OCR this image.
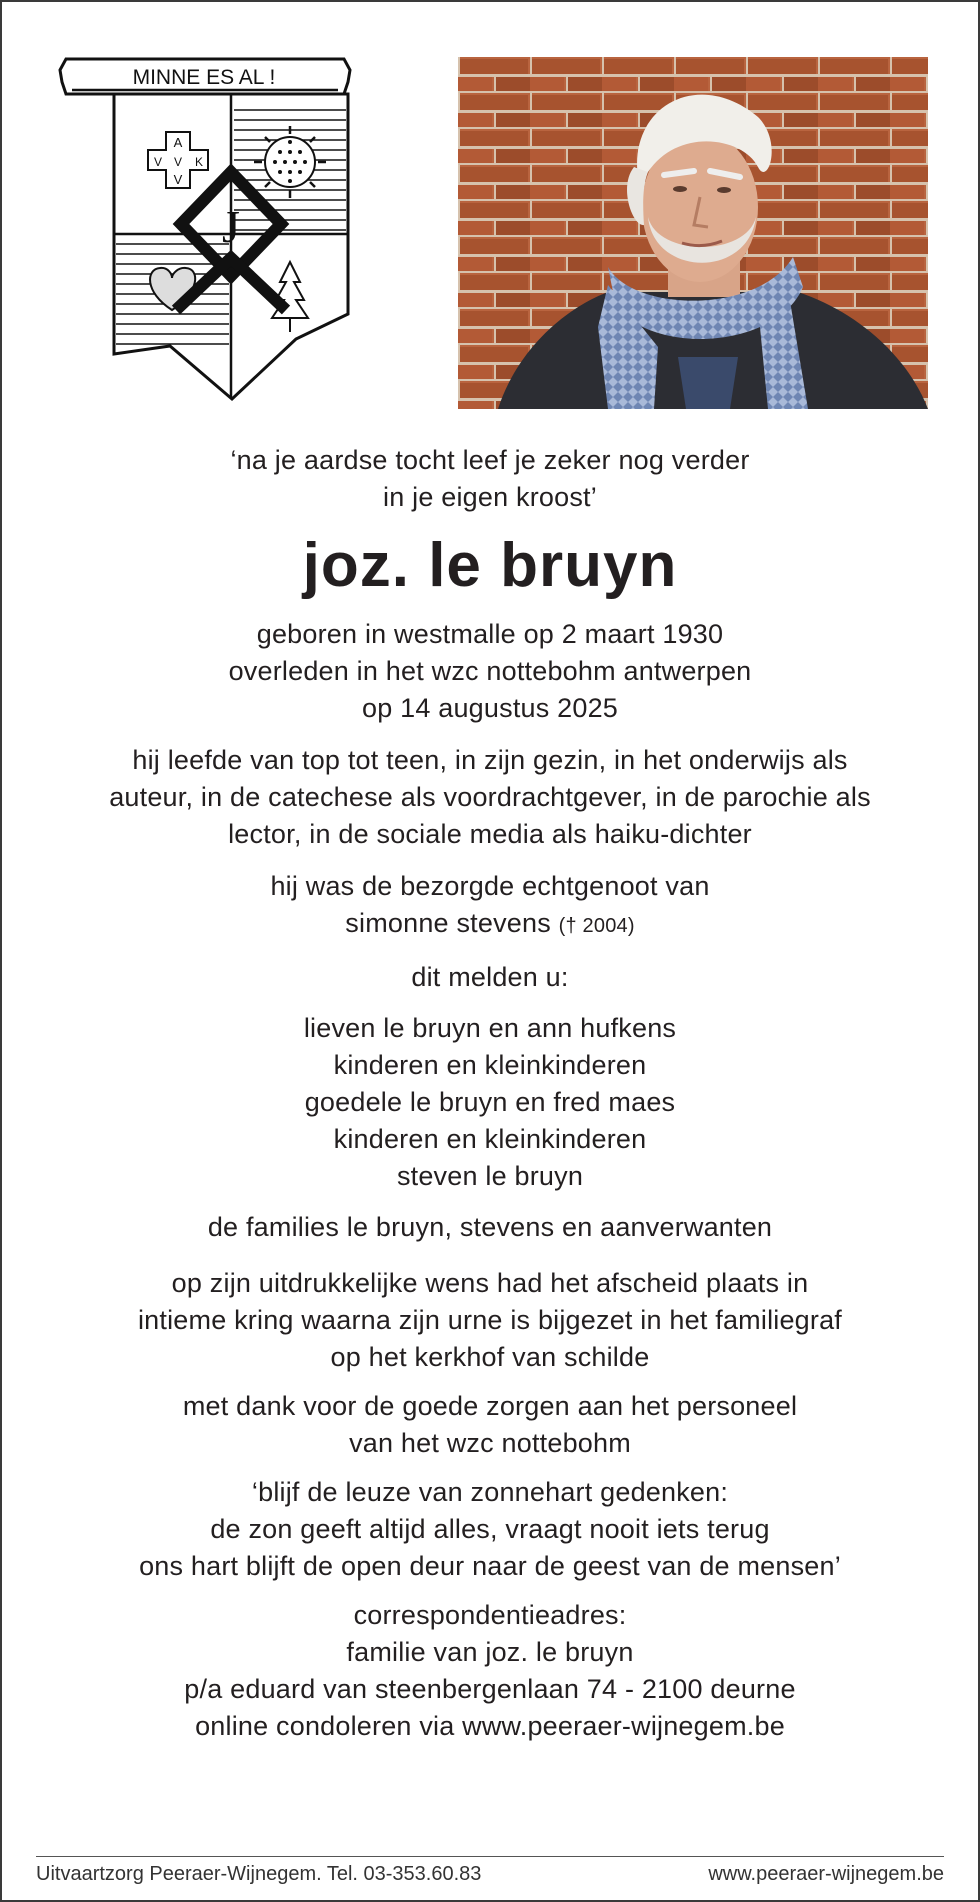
MINNE ES AL !
A
V V K
V
J
‘na je aardse tocht leef je zeker nog verder
in je eigen kroost’
joz. le bruyn
geboren in westmalle op 2 maart 1930
overleden in het wzc nottebohm antwerpen
op 14 augustus 2025
hij leefde van top tot teen, in zijn gezin, in het onderwijs als
auteur, in de catechese als voordrachtgever, in de parochie als
lector, in de sociale media als haiku-dichter
hij was de bezorgde echtgenoot van
simonne stevens († 2004)
dit melden u:
lieven le bruyn en ann hufkens
kinderen en kleinkinderen
goedele le bruyn en fred maes
kinderen en kleinkinderen
steven le bruyn
de families le bruyn, stevens en aanverwanten
op zijn uitdrukkelijke wens had het afscheid plaats in
intieme kring waarna zijn urne is bijgezet in het familiegraf
op het kerkhof van schilde
met dank voor de goede zorgen aan het personeel
van het wzc nottebohm
‘blijf de leuze van zonnehart gedenken:
de zon geeft altijd alles, vraagt nooit iets terug
ons hart blijft de open deur naar de geest van de mensen’
correspondentieadres:
familie van joz. le bruyn
p/a eduard van steenbergenlaan 74 - 2100 deurne
online condoleren via www.peeraer-wijnegem.be
Uitvaartzorg Peeraer-Wijnegem. Tel. 03-353.60.83	www.peeraer-wijnegem.be
